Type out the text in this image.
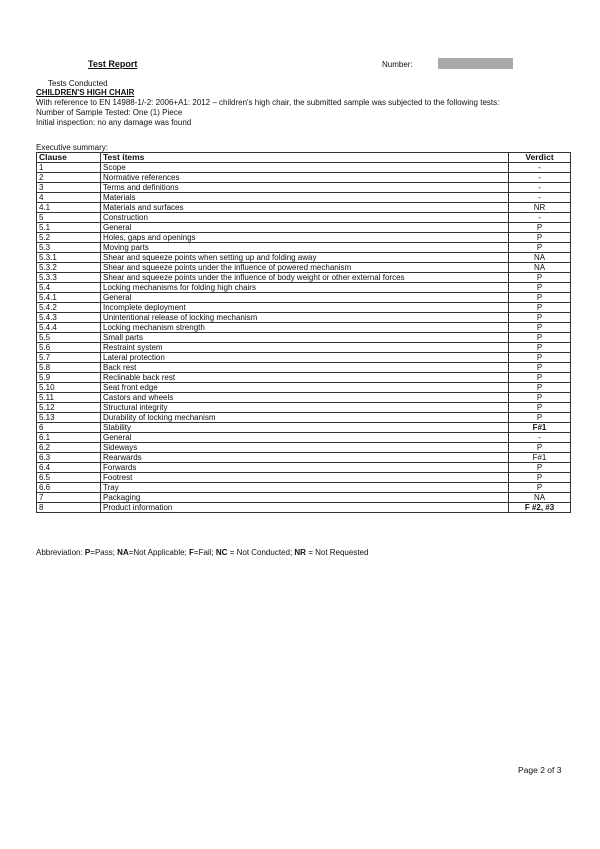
Test Report	Number:
Tests Conducted
CHILDREN'S HIGH CHAIR
With reference to EN 14988-1/-2: 2006+A1: 2012 – children's high chair, the submitted sample was subjected to the following tests:
Number of Sample Tested: One (1) Piece
Initial inspection: no any damage was found
Executive summary:
Clause	Test items	Verdict
1	Scope	-
2	Normative references	-
3	Terms and definitions	-
4	Materials	-
4.1	Materials and surfaces	NR
5	Construction	-
5.1	General	P
5.2	Holes, gaps and openings	P
5.3	Moving parts	P
5.3.1	Shear and squeeze points when setting up and folding away	NA
5.3.2	Shear and squeeze points under the influence of powered mechanism	NA
5.3.3	Shear and squeeze points under the influence of body weight or other external forces	P
5.4	Locking mechanisms for folding high chairs	P
5.4.1	General	P
5.4.2	Incomplete deployment	P
5.4.3	Unintentional release of locking mechanism	P
5.4.4	Locking mechanism strength	P
5.5	Small parts	P
5.6	Restraint system	P
5.7	Lateral protection	P
5.8	Back rest	P
5.9	Reclinable back rest	P
5.10	Seat front edge	P
5.11	Castors and wheels	P
5.12	Structural integrity	P
5.13	Durability of locking mechanism	P
6	Stability	F#1
6.1	General	-
6.2	Sideways	P
6.3	Rearwards	F#1
6.4	Forwards	P
6.5	Footrest	P
6.6	Tray	P
7	Packaging	NA
8	Product information	F #2, #3
Abbreviation: P=Pass; NA=Not Applicable; F=Fail; NC = Not Conducted; NR = Not Requested
Page 2 of 3
